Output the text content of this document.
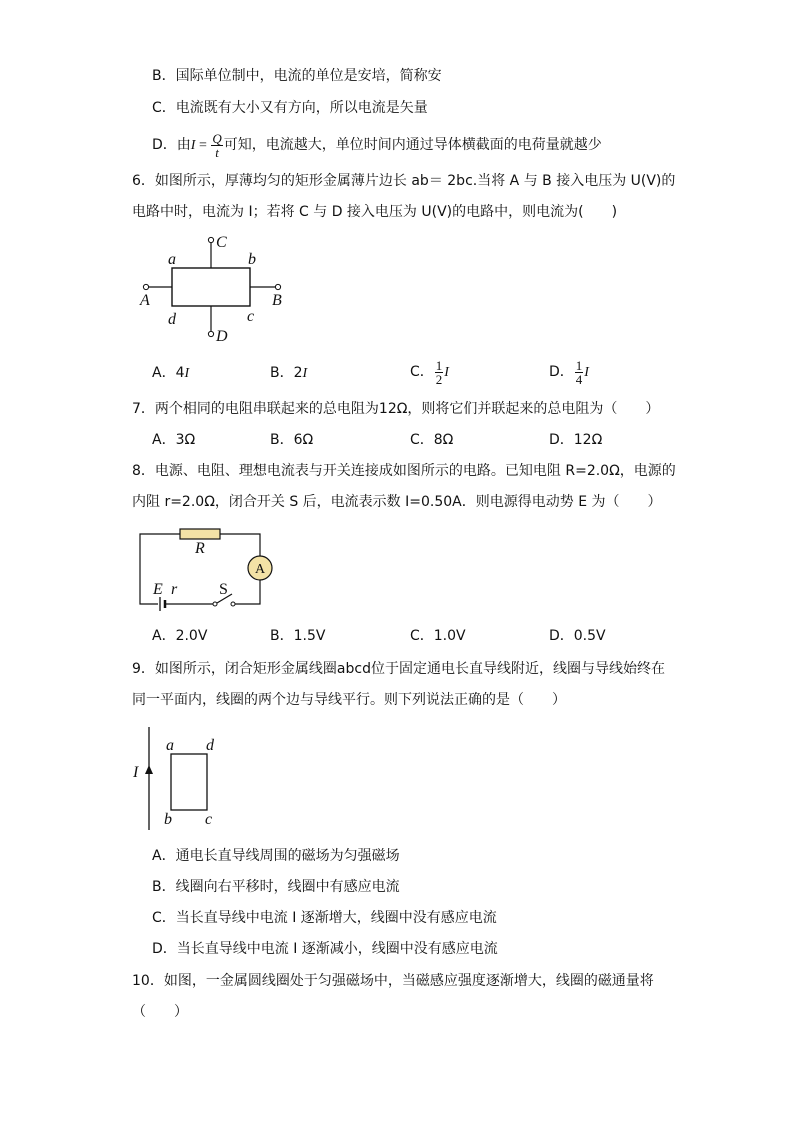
B．国际单位制中，电流的单位是安培，简称安
C．电流既有大小又有方向，所以电流是矢量
D．由$I = \frac{Q}{t}$ 可知，电流越大，单位时间内通过导体横截面的电荷量就越少
6．如图所示，厚薄均匀的矩形金属薄片边长 ab＝ 2bc.当将 A 与 B 接入电压为 U(V)的
电路中时，电流为 I；若将 C 与 D 接入电压为 U(V)的电路中，则电流为(　　)
a	b
c
d
A	B
C
D
A．4I	B．2I	C． $\frac{1}{2}$ I	D． $\frac{1}{4}$ I
7．两个相同的电阻串联起来的总电阻为12Ω，则将它们并联起来的总电阻为（　　）
A．3Ω	B．6Ω	C．8Ω	D．12Ω
8．电源、电阻、理想电流表与开关连接成如图所示的电路。已知电阻 R=2.0Ω，电源的
内阻 r=2.0Ω，闭合开关 S 后，电流表示数 I=0.50A．则电源得电动势 E 为（　　）
A
R
E r	S
A．2.0V	B．1.5V	C．1.0V	D．0.5V
9．如图所示，闭合矩形金属线圈abcd位于固定通电长直导线附近，线圈与导线始终在
同一平面内，线圈的两个边与导线平行。则下列说法正确的是（　　）
I
a d
b c
A．通电长直导线周围的磁场为匀强磁场
B．线圈向右平移时，线圈中有感应电流
C．当长直导线中电流 I 逐渐增大，线圈中没有感应电流
D．当长直导线中电流 I 逐渐减小，线圈中没有感应电流
10．如图，一金属圆线圈处于匀强磁场中，当磁感应强度逐渐增大，线圈的磁通量将
（　　）
